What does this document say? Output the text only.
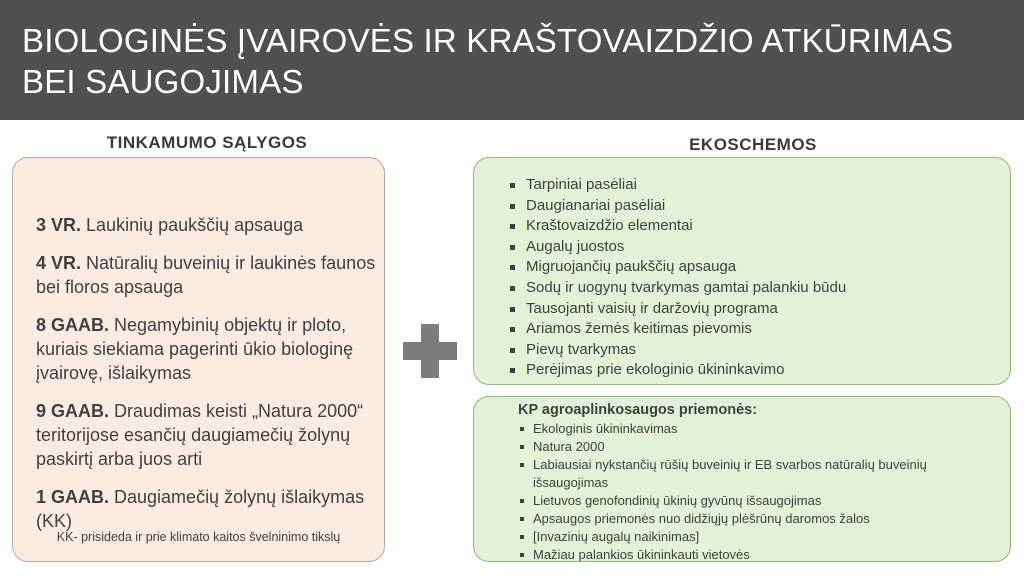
BIOLOGINĖS ĮVAIROVĖS IR KRAŠTOVAIZDŽIO ATKŪRIMAS BEI SAUGOJIMAS
TINKAMUMO SĄLYGOS	EKOSCHEMOS
3 VR. Laukinių paukščių apsauga
4 VR. Natūralių buveinių ir laukinės faunos bei floros apsauga
8 GAAB. Negamybinių objektų ir ploto, kuriais siekiama pagerinti ūkio biologinę įvairovę, išlaikymas
9 GAAB. Draudimas keisti „Natura 2000“ teritorijose esančių daugiamečių žolynų paskirtį arba juos arti
1 GAAB. Daugiamečių žolynų išlaikymas (KK)
KK- prisideda ir prie klimato kaitos švelninimo tikslų
Tarpiniai pasėliai
Daugianariai pasėliai
Kraštovaizdžio elementai
Augalų juostos
Migruojančių paukščių apsauga
Sodų ir uogynų tvarkymas gamtai palankiu būdu
Tausojanti vaisių ir daržovių programa
Ariamos žemės keitimas pievomis
Pievų tvarkymas
Perėjimas prie ekologinio ūkininkavimo
KP agroaplinkosaugos priemonės:
Ekologinis ūkininkavimas
Natura 2000
Labiausiai nykstančių rūšių buveinių ir EB svarbos natūralių buveinių išsaugojimas
Lietuvos genofondinių ūkinių gyvūnų išsaugojimas
Apsaugos priemonės nuo didžiųjų plėšrūnų daromos žalos
[Invazinių augalų naikinimas]
Mažiau palankios ūkininkauti vietovės
